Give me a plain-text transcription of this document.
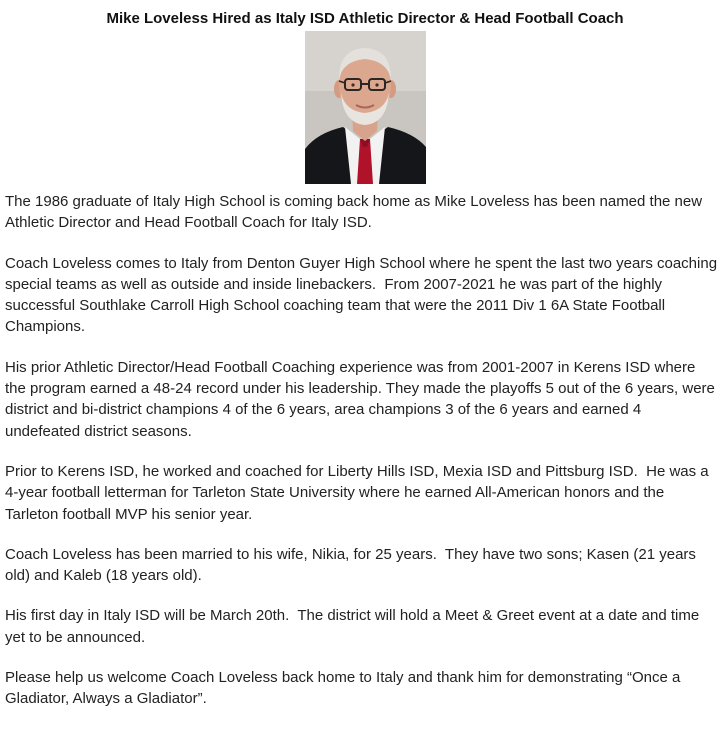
Mike Loveless Hired as Italy ISD Athletic Director & Head Football Coach

The 1986 graduate of Italy High School is coming back home as Mike Loveless has been named the new Athletic Director and Head Football Coach for Italy ISD.

Coach Loveless comes to Italy from Denton Guyer High School where he spent the last two years coaching special teams as well as outside and inside linebackers.  From 2007-2021 he was part of the highly successful Southlake Carroll High School coaching team that were the 2011 Div 1 6A State Football Champions.

His prior Athletic Director/Head Football Coaching experience was from 2001-2007 in Kerens ISD where the program earned a 48-24 record under his leadership. They made the playoffs 5 out of the 6 years, were district and bi-district champions 4 of the 6 years, area champions 3 of the 6 years and earned 4 undefeated district seasons.

Prior to Kerens ISD, he worked and coached for Liberty Hills ISD, Mexia ISD and Pittsburg ISD.  He was a 4-year football letterman for Tarleton State University where he earned All-American honors and the Tarleton football MVP his senior year.

Coach Loveless has been married to his wife, Nikia, for 25 years.  They have two sons; Kasen (21 years old) and Kaleb (18 years old).

His first day in Italy ISD will be March 20th.  The district will hold a Meet & Greet event at a date and time yet to be announced.

Please help us welcome Coach Loveless back home to Italy and thank him for demonstrating “Once a Gladiator, Always a Gladiator”.
